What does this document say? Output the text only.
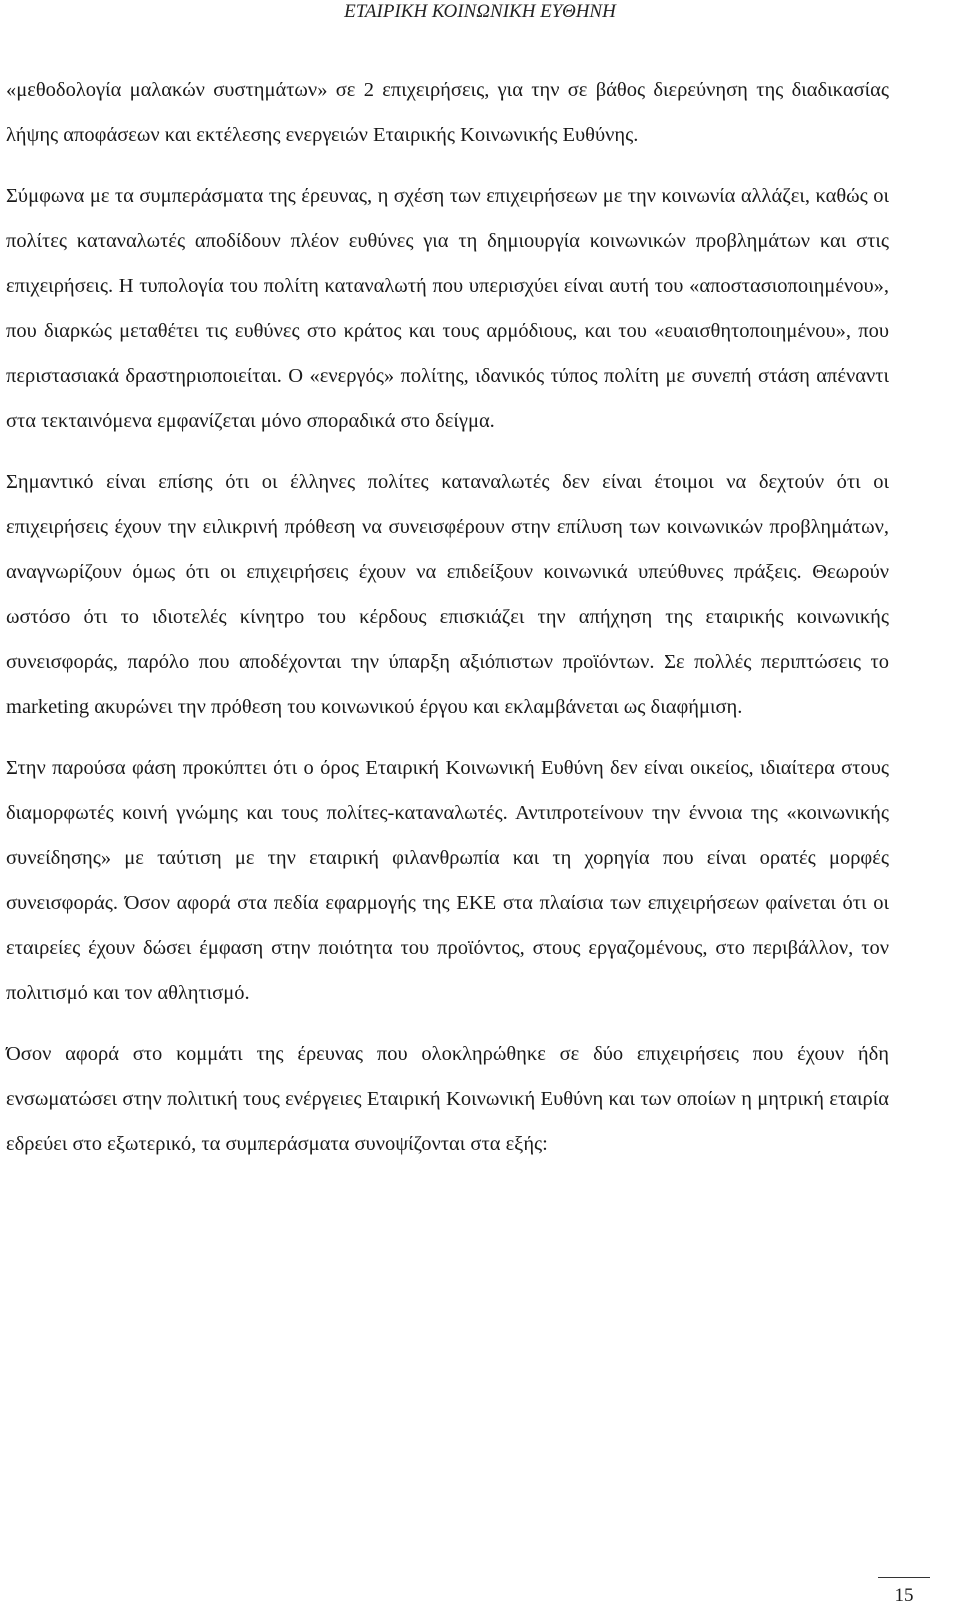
ΕΤΑΙΡΙΚΗ ΚΟΙΝΩΝΙΚΗ ΕΥΘΗΝΗ

«μεθοδολογία μαλακών συστημάτων» σε 2 επιχειρήσεις, για την σε βάθος διερεύνηση της διαδικασίας λήψης αποφάσεων και εκτέλεσης ενεργειών Εταιρικής Κοινωνικής Ευθύνης.

Σύμφωνα με τα συμπεράσματα της έρευνας, η σχέση των επιχειρήσεων με την κοινωνία αλλάζει, καθώς οι πολίτες καταναλωτές αποδίδουν πλέον ευθύνες για τη δημιουργία κοινωνικών προβλημάτων και στις επιχειρήσεις. Η τυπολογία του πολίτη καταναλωτή που υπερισχύει είναι αυτή του «αποστασιοποιημένου», που διαρκώς μεταθέτει τις ευθύνες στο κράτος και τους αρμόδιους, και του «ευαισθητοποιημένου», που περιστασιακά δραστηριοποιείται. Ο «ενεργός» πολίτης, ιδανικός τύπος πολίτη με συνεπή στάση απέναντι στα τεκταινόμενα εμφανίζεται μόνο σποραδικά στο δείγμα.

Σημαντικό είναι επίσης ότι οι έλληνες πολίτες καταναλωτές δεν είναι έτοιμοι να δεχτούν ότι οι επιχειρήσεις έχουν την ειλικρινή πρόθεση να συνεισφέρουν στην επίλυση των κοινωνικών προβλημάτων, αναγνωρίζουν όμως ότι οι επιχειρήσεις έχουν να επιδείξουν κοινωνικά υπεύθυνες πράξεις. Θεωρούν ωστόσο ότι το ιδιοτελές κίνητρο του κέρδους επισκιάζει την απήχηση της εταιρικής κοινωνικής συνεισφοράς, παρόλο που αποδέχονται την ύπαρξη αξιόπιστων προϊόντων. Σε πολλές περιπτώσεις το marketing ακυρώνει την πρόθεση του κοινωνικού έργου και εκλαμβάνεται ως διαφήμιση.

Στην παρούσα φάση προκύπτει ότι ο όρος Εταιρική Κοινωνική Ευθύνη δεν είναι οικείος, ιδιαίτερα στους διαμορφωτές κοινή γνώμης και τους πολίτες-καταναλωτές. Αντιπροτείνουν την έννοια της «κοινωνικής συνείδησης» με ταύτιση με την εταιρική φιλανθρωπία και τη χορηγία που είναι ορατές μορφές συνεισφοράς. Όσον αφορά στα πεδία εφαρμογής της ΕΚΕ στα πλαίσια των επιχειρήσεων φαίνεται ότι οι εταιρείες έχουν δώσει έμφαση στην ποιότητα του προϊόντος, στους εργαζομένους, στο περιβάλλον, τον πολιτισμό και τον αθλητισμό.

Όσον αφορά στο κομμάτι της έρευνας που ολοκληρώθηκε σε δύο επιχειρήσεις που έχουν ήδη ενσωματώσει στην πολιτική τους ενέργειες Εταιρική Κοινωνική Ευθύνη και των οποίων η μητρική εταιρία εδρεύει στο εξωτερικό, τα συμπεράσματα συνοψίζονται στα εξής:

15
